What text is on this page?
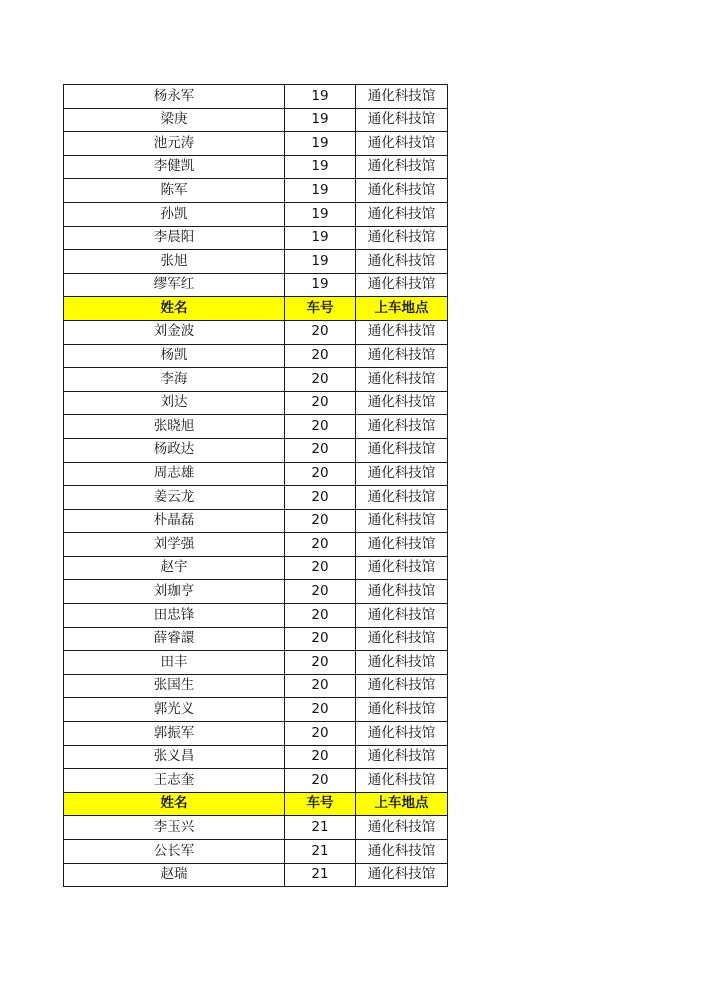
杨永军	19	通化科技馆
梁庚	19	通化科技馆
池元涛	19	通化科技馆
李健凯	19	通化科技馆
陈军	19	通化科技馆
孙凯	19	通化科技馆
李晨阳	19	通化科技馆
张旭	19	通化科技馆
缪军红	19	通化科技馆
姓名	车号	上车地点
刘金波	20	通化科技馆
杨凯	20	通化科技馆
李海	20	通化科技馆
刘达	20	通化科技馆
张晓旭	20	通化科技馆
杨政达	20	通化科技馆
周志雄	20	通化科技馆
姜云龙	20	通化科技馆
朴晶磊	20	通化科技馆
刘学强	20	通化科技馆
赵宇	20	通化科技馆
刘珈亨	20	通化科技馆
田忠锋	20	通化科技馆
薛睿譞	20	通化科技馆
田丰	20	通化科技馆
张国生	20	通化科技馆
郭光义	20	通化科技馆
郭振军	20	通化科技馆
张义昌	20	通化科技馆
王志奎	20	通化科技馆
姓名	车号	上车地点
李玉兴	21	通化科技馆
公长军	21	通化科技馆
赵瑞	21	通化科技馆
